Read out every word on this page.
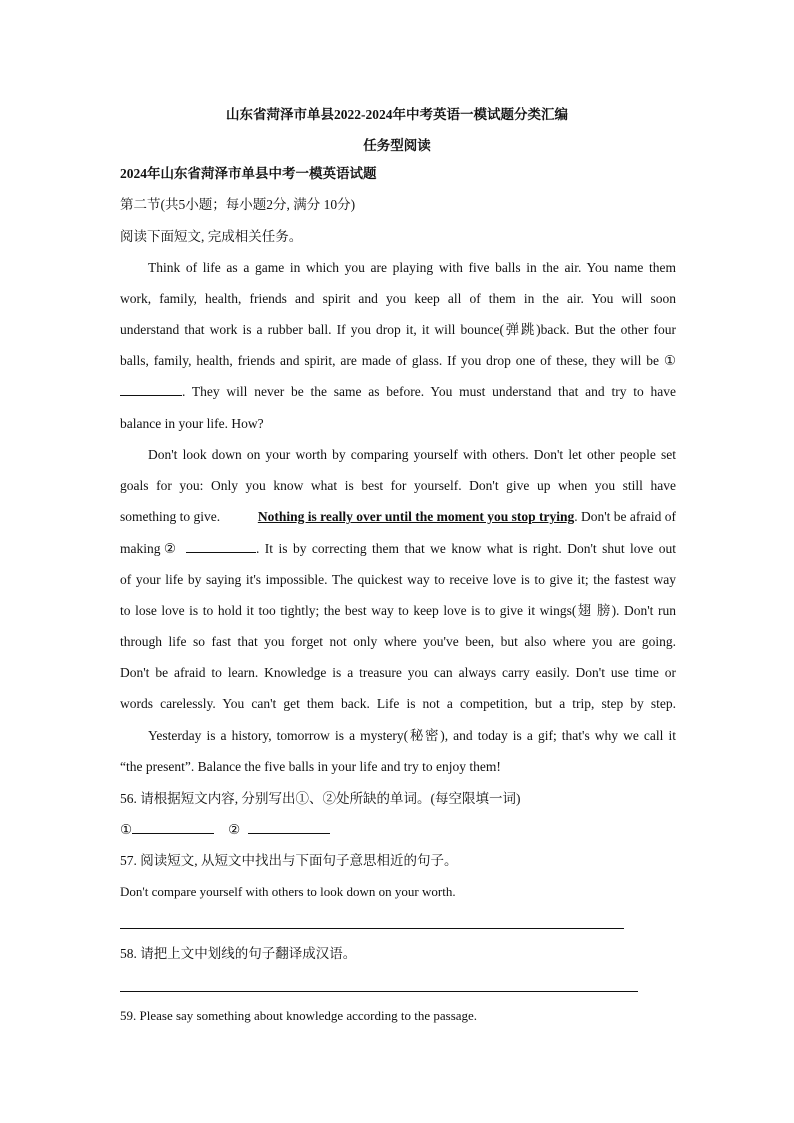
山东省菏泽市单县2022-2024年中考英语一模试题分类汇编
任务型阅读
2024年山东省菏泽市单县中考一模英语试题
第二节(共5小题；每小题2分, 满分 10分)
阅读下面短文, 完成相关任务。
Think of life as a game in which you are playing with five balls in the air. You name them
work, family, health, friends and spirit and you keep all of them in the air. You will soon
understand that work is a rubber ball. If you drop it, it will bounce(弹跳)back. But the other four
balls, family, health, friends and spirit, are made of glass. If you drop one of these, they will be ①
. They will never be the same as before. You must understand that and try to have
balance in your life. How?
Don't look down on your worth by comparing yourself with others. Don't let other people set
goals for you: Only you know what is best for yourself. Don't give up when you still have
something to give.	Nothing is really over until the moment you stop trying. Don't be afraid of
making ②	. It is by correcting them that we know what is right. Don't shut love out
of your life by saying it's impossible. The quickest way to receive love is to give it; the fastest way
to lose love is to hold it too tightly; the best way to keep love is to give it wings(翅 膀). Don't run
through life so fast that you forget not only where you've been, but also where you are going.
Don't be afraid to learn. Knowledge is a treasure you can always carry easily. Don't use time or
words carelessly. You can't get them back. Life is not a competition, but a trip, step by step.
Yesterday is a history, tomorrow is a mystery(秘密), and today is a gif; that's why we call it
“the present”. Balance the five balls in your life and try to enjoy them!
56. 请根据短文内容, 分别写出①、②处所缺的单词。(每空限填一词)
①	②
57. 阅读短文, 从短文中找出与下面句子意思相近的句子。
Don't compare yourself with others to look down on your worth.
58. 请把上文中划线的句子翻译成汉语。
59. Please say something about knowledge according to the passage.
